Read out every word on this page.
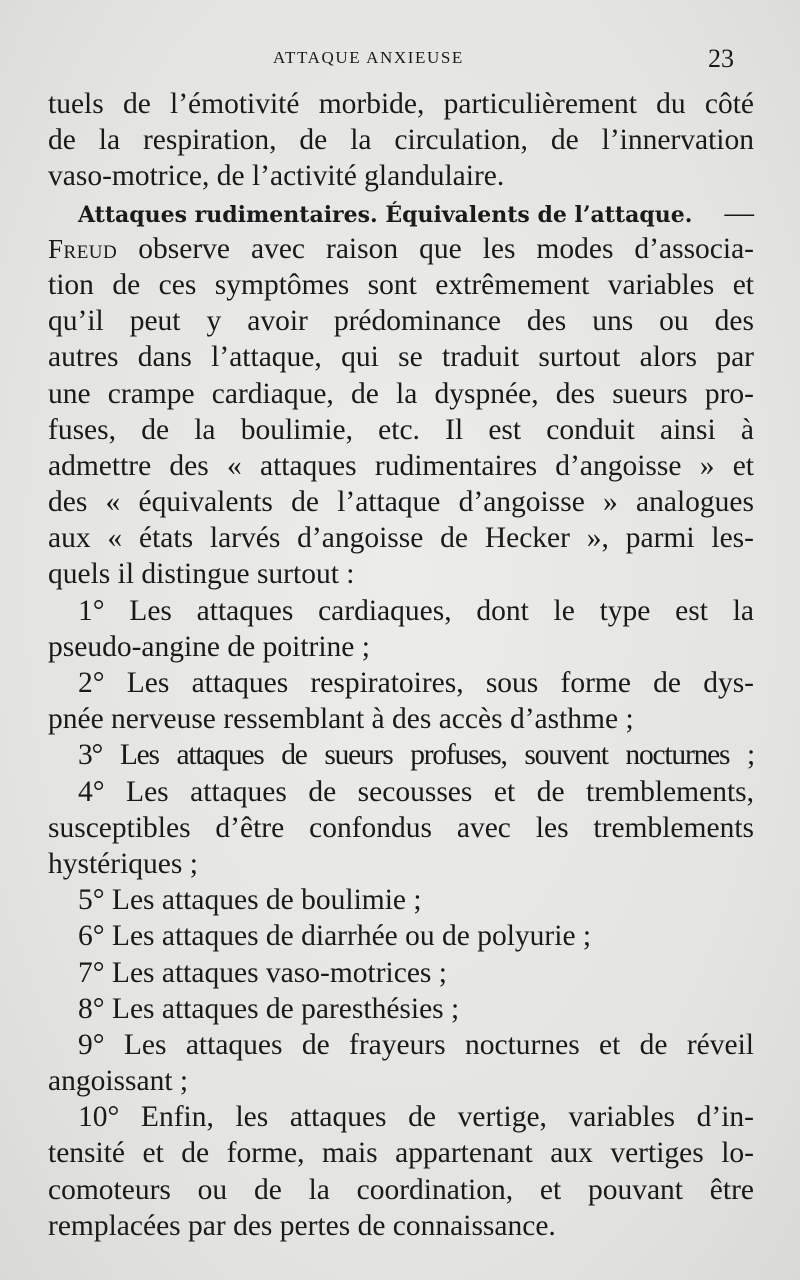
ATTAQUE ANXIEUSE	23
tuels de l’émotivité morbide, particulièrement du côté
de la respiration, de la circulation, de l’innervation
vaso-motrice, de l’activité glandulaire.
Attaques rudimentaires. Équivalents de l’attaque. —
Freud observe avec raison que les modes d’associa-
tion de ces symptômes sont extrêmement variables et
qu’il peut y avoir prédominance des uns ou des
autres dans l’attaque, qui se traduit surtout alors par
une crampe cardiaque, de la dyspnée, des sueurs pro-
fuses, de la boulimie, etc. Il est conduit ainsi à
admettre des « attaques rudimentaires d’angoisse » et
des « équivalents de l’attaque d’angoisse » analogues
aux « états larvés d’angoisse de Hecker », parmi les-
quels il distingue surtout :
1° Les attaques cardiaques, dont le type est la
pseudo-angine de poitrine ;
2° Les attaques respiratoires, sous forme de dys-
pnée nerveuse ressemblant à des accès d’asthme ;
3° Les attaques de sueurs profuses, souvent nocturnes ;
4° Les attaques de secousses et de tremblements,
susceptibles d’être confondus avec les tremblements
hystériques ;
5° Les attaques de boulimie ;
6° Les attaques de diarrhée ou de polyurie ;
7° Les attaques vaso-motrices ;
8° Les attaques de paresthésies ;
9° Les attaques de frayeurs nocturnes et de réveil
angoissant ;
10° Enfin, les attaques de vertige, variables d’in-
tensité et de forme, mais appartenant aux vertiges lo-
comoteurs ou de la coordination, et pouvant être
remplacées par des pertes de connaissance.
